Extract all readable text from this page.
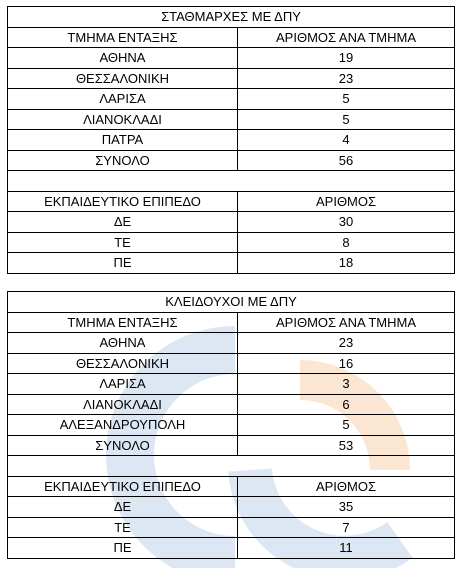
ΣΤΑΘΜΑΡΧΕΣ ΜΕ ΔΠΥ	
ΤΜΗΜΑ ΕΝΤΑΞΗΣ	ΑΡΙΘΜΟΣ ΑΝΑ ΤΜΗΜΑ
ΑΘΗΝΑ	19
ΘΕΣΣΑΛΟΝΙΚΗ	23
ΛΑΡΙΣΑ	5
ΛΙΑΝΟΚΛΑΔΙ	5
ΠΑΤΡΑ	4
ΣΥΝΟΛΟ	56

ΕΚΠΑΙΔΕΥΤΙΚΟ ΕΠΙΠΕΔΟ	ΑΡΙΘΜΟΣ
ΔΕ	30
ΤΕ	8
ΠΕ	18
ΚΛΕΙΔΟΥΧΟΙ ΜΕ ΔΠΥ	
ΤΜΗΜΑ ΕΝΤΑΞΗΣ	ΑΡΙΘΜΟΣ ΑΝΑ ΤΜΗΜΑ
ΑΘΗΝΑ	23
ΘΕΣΣΑΛΟΝΙΚΗ	16
ΛΑΡΙΣΑ	3
ΛΙΑΝΟΚΛΑΔΙ	6
ΑΛΕΞΑΝΔΡΟΥΠΟΛΗ	5
ΣΥΝΟΛΟ	53

ΕΚΠΑΙΔΕΥΤΙΚΟ ΕΠΙΠΕΔΟ	ΑΡΙΘΜΟΣ
ΔΕ	35
ΤΕ	7
ΠΕ	11
